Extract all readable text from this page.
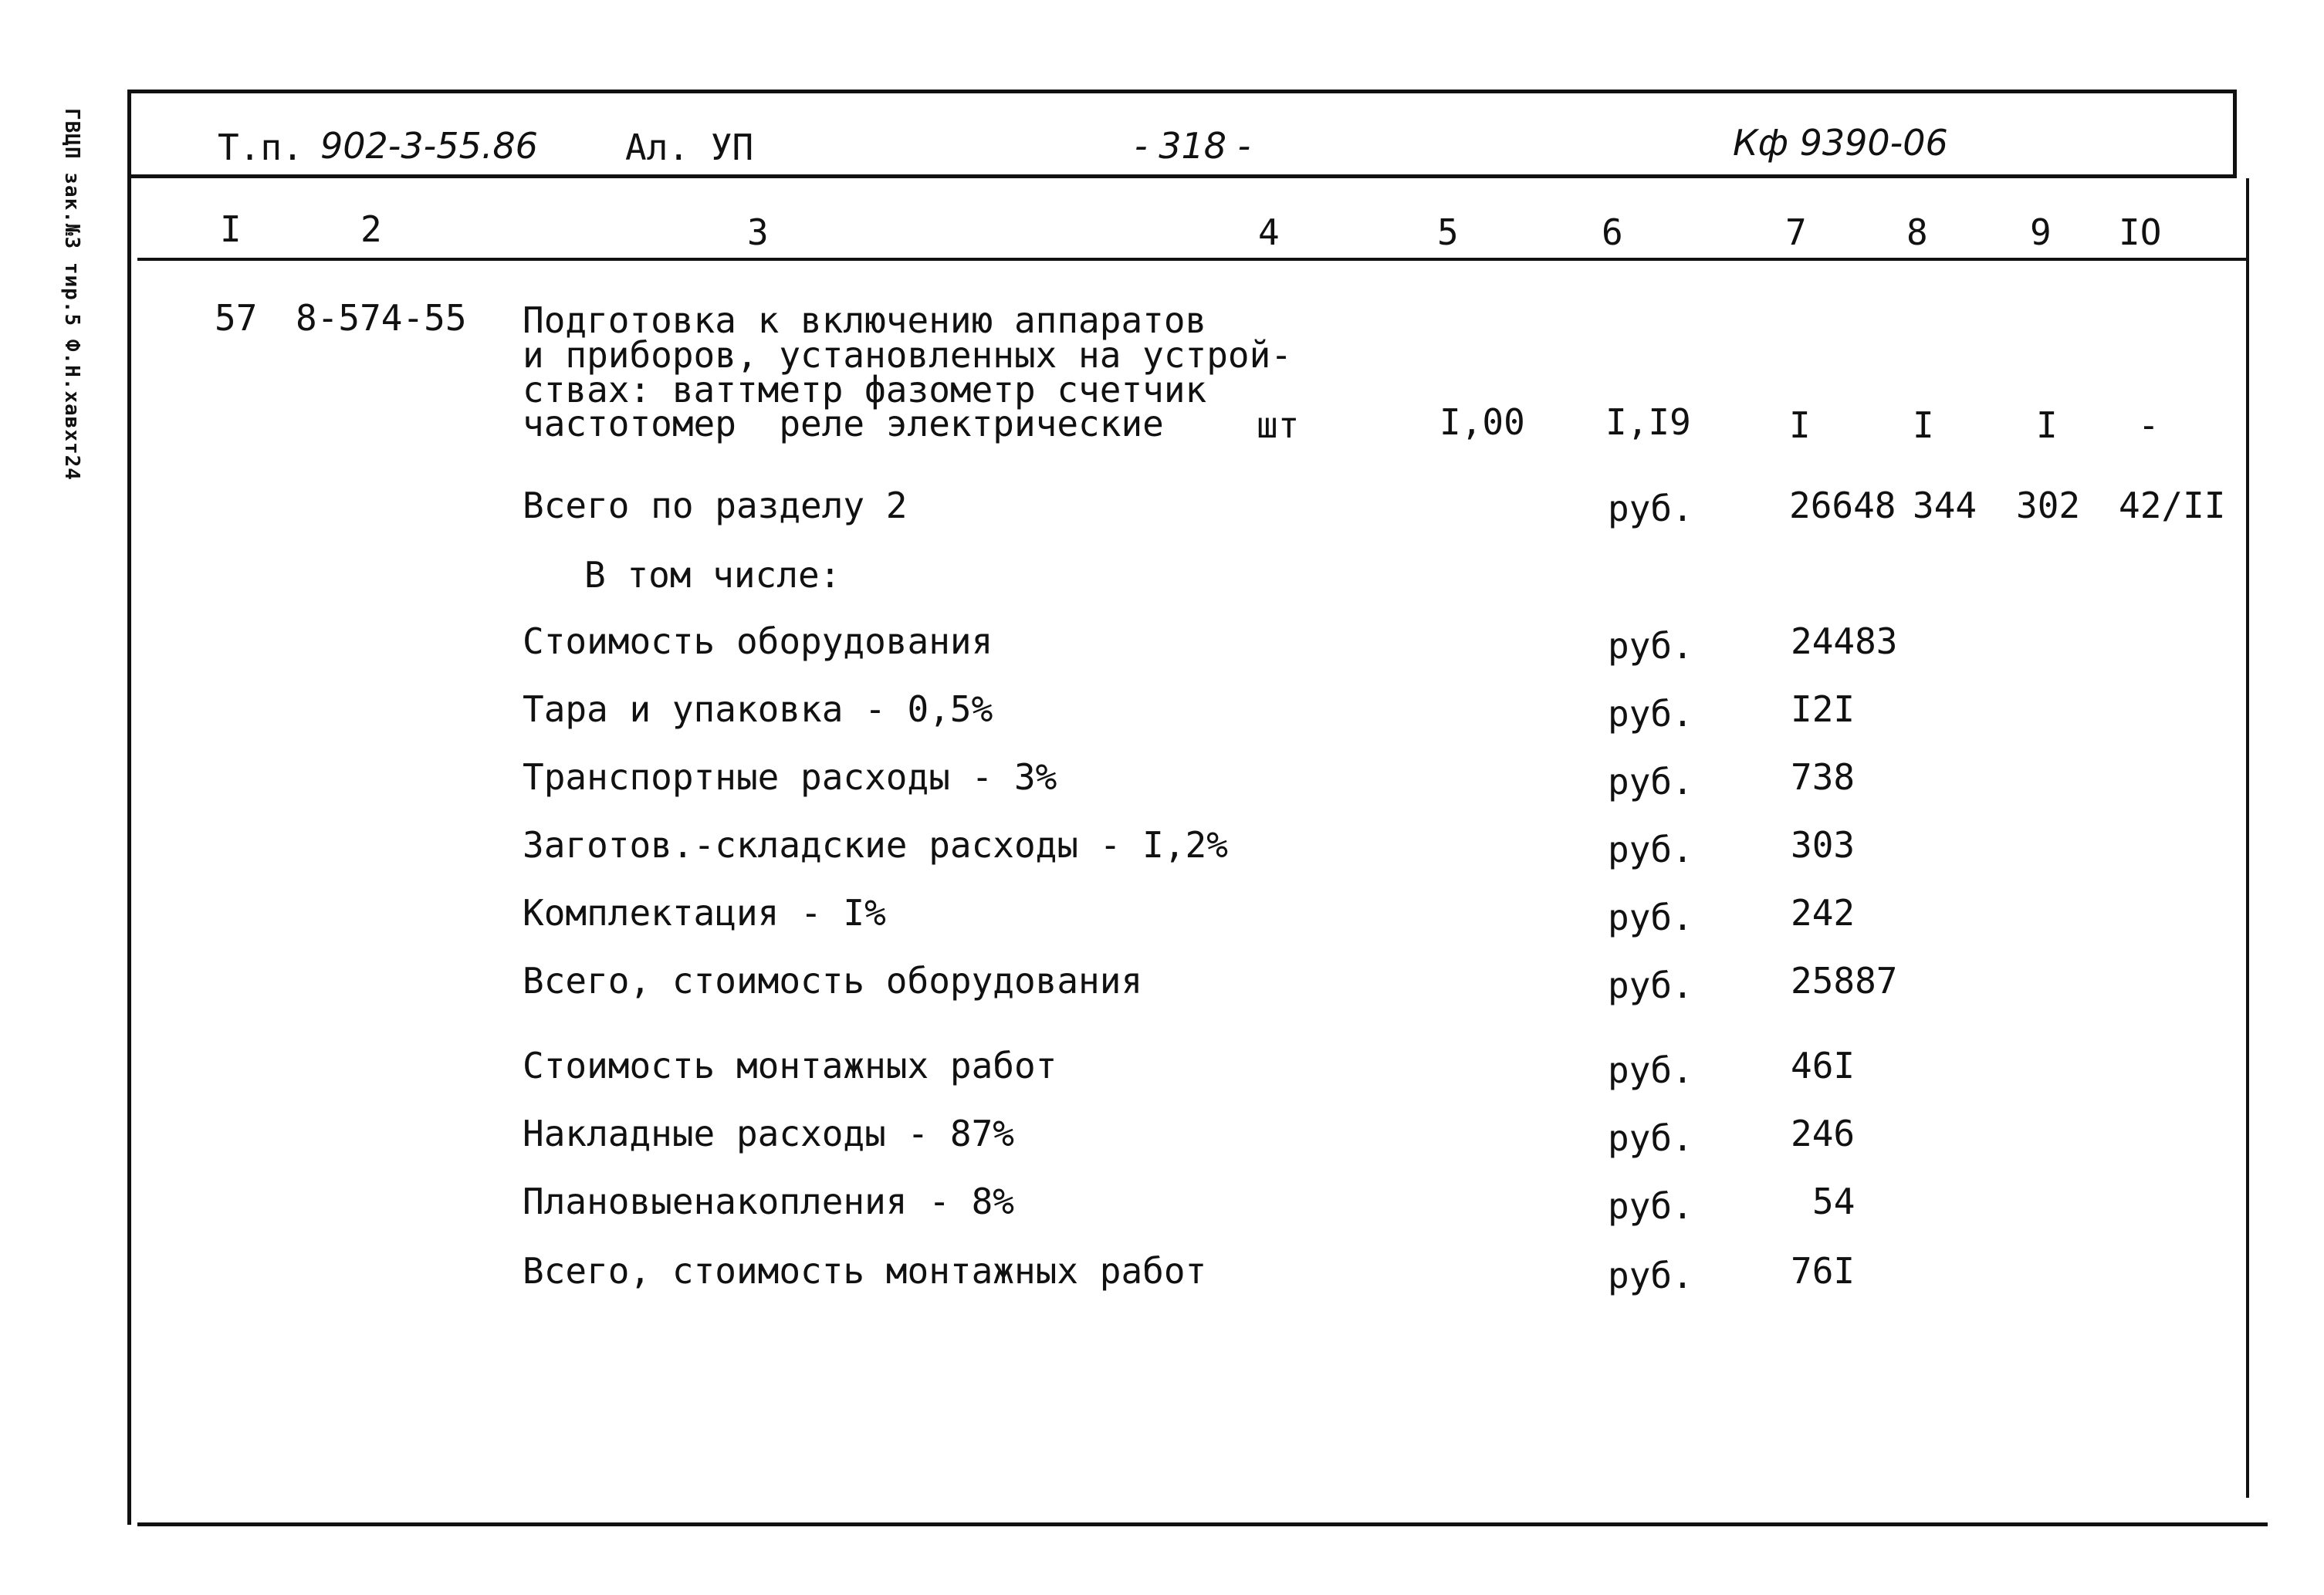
ГВЦП зак.№3 тир.5 Ф.Н.хавхт24	Т.п. 902-3-55.86 Ал. УП	- 318 -	Кф 9390-06
I	2	3	4	5	6	7	8	9 IO
57 8-574-55 Подготовка к включению аппаратов
и приборов, установленных на устрой-
ствах: ваттметр фазометр счетчик
частотомер  реле электрические	шт	I,00 I,I9	I	I	I -
Всего по разделу 2	руб.	26648 344 302 42/II
В том числе:
Стоимость оборудования	руб.	24483
Тара и упаковка - 0,5%	руб.	I2I
Транспортные расходы - 3%	руб.	738
Заготов.-складские расходы - I,2%	руб.	303
Комплектация - I%	руб.	242
Всего, стоимость оборудования	руб.	25887
Стоимость монтажных работ	руб.	46I
Накладные расходы - 87%	руб.	246
Плановыенакопления - 8%	руб.	54
Всего, стоимость монтажных работ	руб.	76I
